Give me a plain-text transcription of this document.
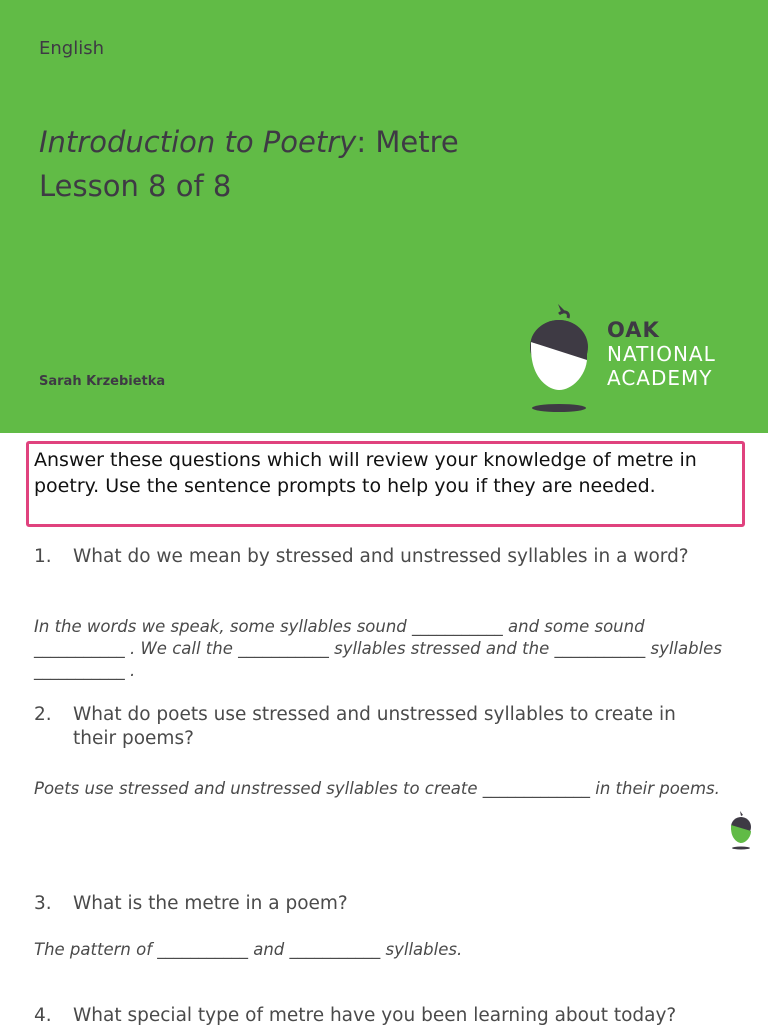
English
Introduction to Poetry: Metre
Lesson 8 of 8
Sarah Krzebietka
OAK
NATIONAL
ACADEMY
Answer these questions which will review your knowledge of metre in poetry. Use the sentence prompts to help you if they are needed.
1.	What do we mean by stressed and unstressed syllables in a word?
In the words we speak, some syllables sound ___________ and some sound ___________ . We call the ___________ syllables stressed and the ___________ syllables ___________ .
2.	What do poets use stressed and unstressed syllables to create in their poems?
Poets use stressed and unstressed syllables to create _____________ in their poems.
3.	What is the metre in a poem?
The pattern of ___________ and ___________ syllables.
4.	What special type of metre have you been learning about today?
